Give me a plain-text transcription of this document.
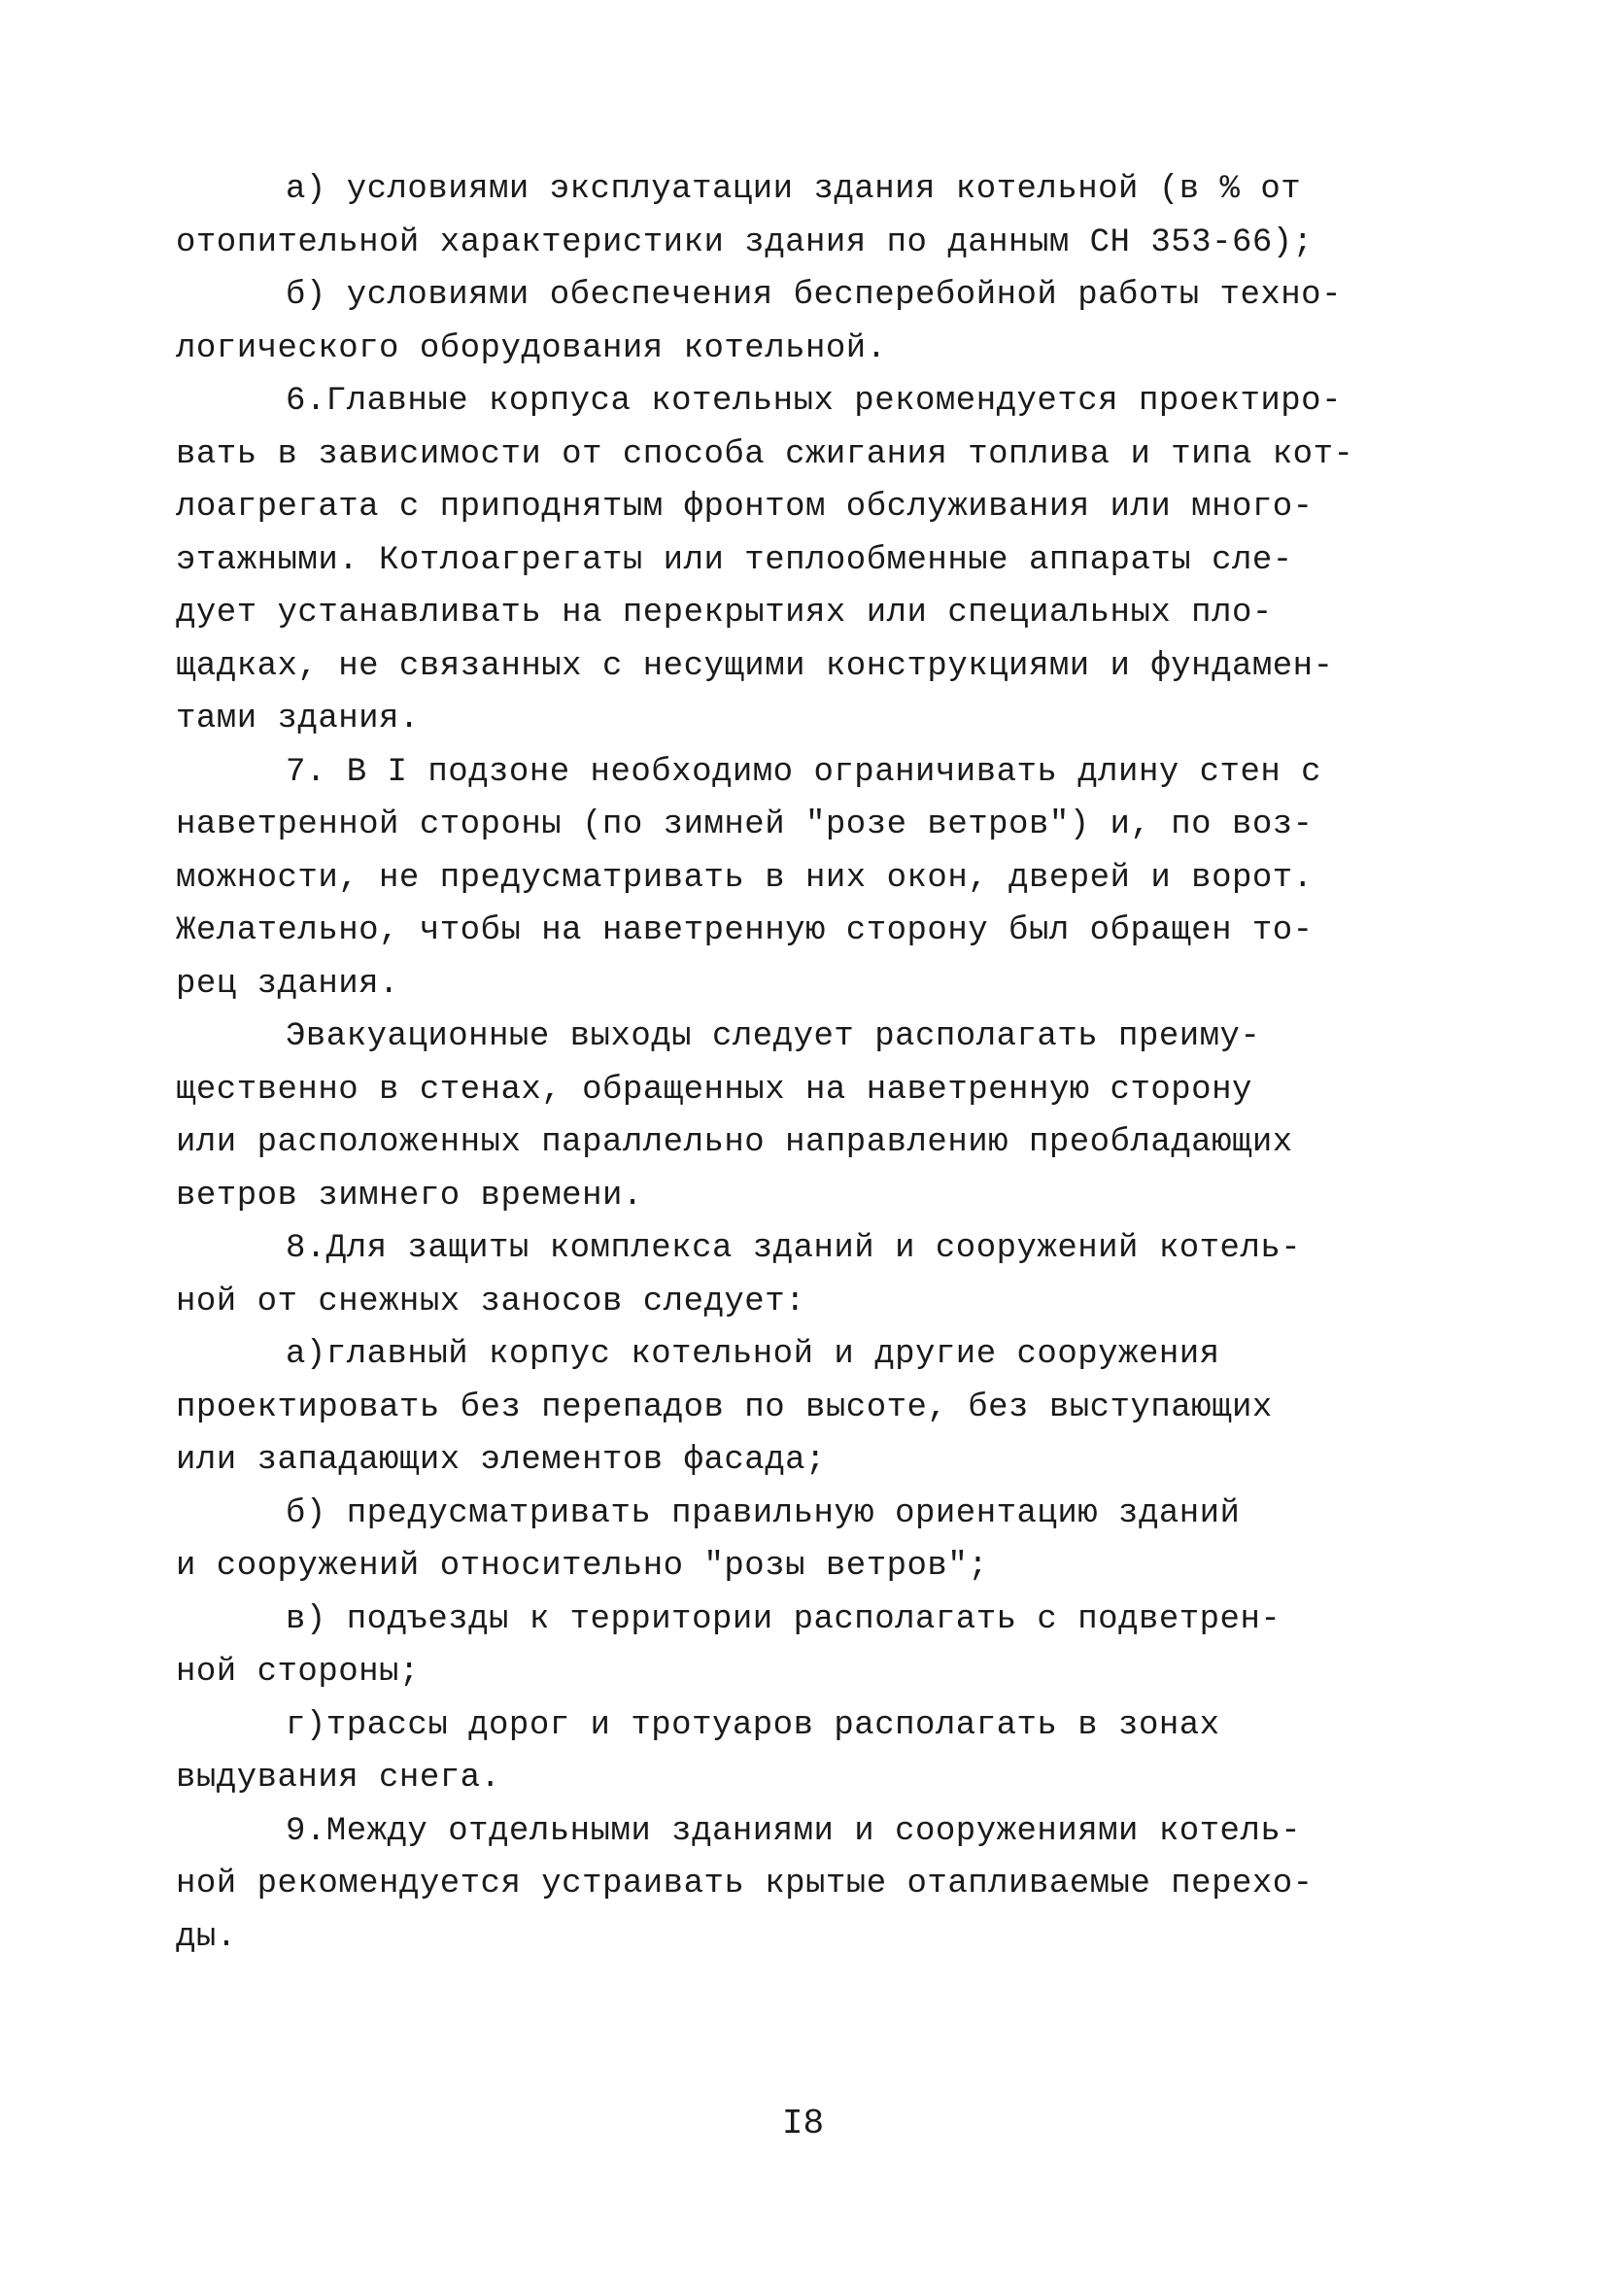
а) условиями эксплуатации здания котельной (в % от
отопительной характеристики здания по данным СН 353-66);
б) условиями обеспечения бесперебойной работы техно-
логического оборудования котельной.
6.Главные корпуса котельных рекомендуется проектиро-
вать в зависимости от способа сжигания топлива и типа кот-
лоагрегата с приподнятым фронтом обслуживания или много-
этажными. Котлоагрегаты или теплообменные аппараты сле-
дует устанавливать на перекрытиях или специальных пло-
щадках, не связанных с несущими конструкциями и фундамен-
тами здания.
7. В I подзоне необходимо ограничивать длину стен с
наветренной стороны (по зимней "розе ветров") и, по воз-
можности, не предусматривать в них окон, дверей и ворот.
Желательно, чтобы на наветренную сторону был обращен то-
рец здания.
Эвакуационные выходы следует располагать преиму-
щественно в стенах, обращенных на наветренную сторону
или расположенных параллельно направлению преобладающих
ветров зимнего времени.
8.Для защиты комплекса зданий и сооружений котель-
ной от снежных заносов следует:
а)главный корпус котельной и другие сооружения
проектировать без перепадов по высоте, без выступающих
или западающих элементов фасада;
б) предусматривать правильную ориентацию зданий
и сооружений относительно "розы ветров";
в) подъезды к территории располагать с подветрен-
ной стороны;
г)трассы дорог и тротуаров располагать в зонах
выдувания снега.
9.Между отдельными зданиями и сооружениями котель-
ной рекомендуется устраивать крытые отапливаемые перехо-
ды.
I8
